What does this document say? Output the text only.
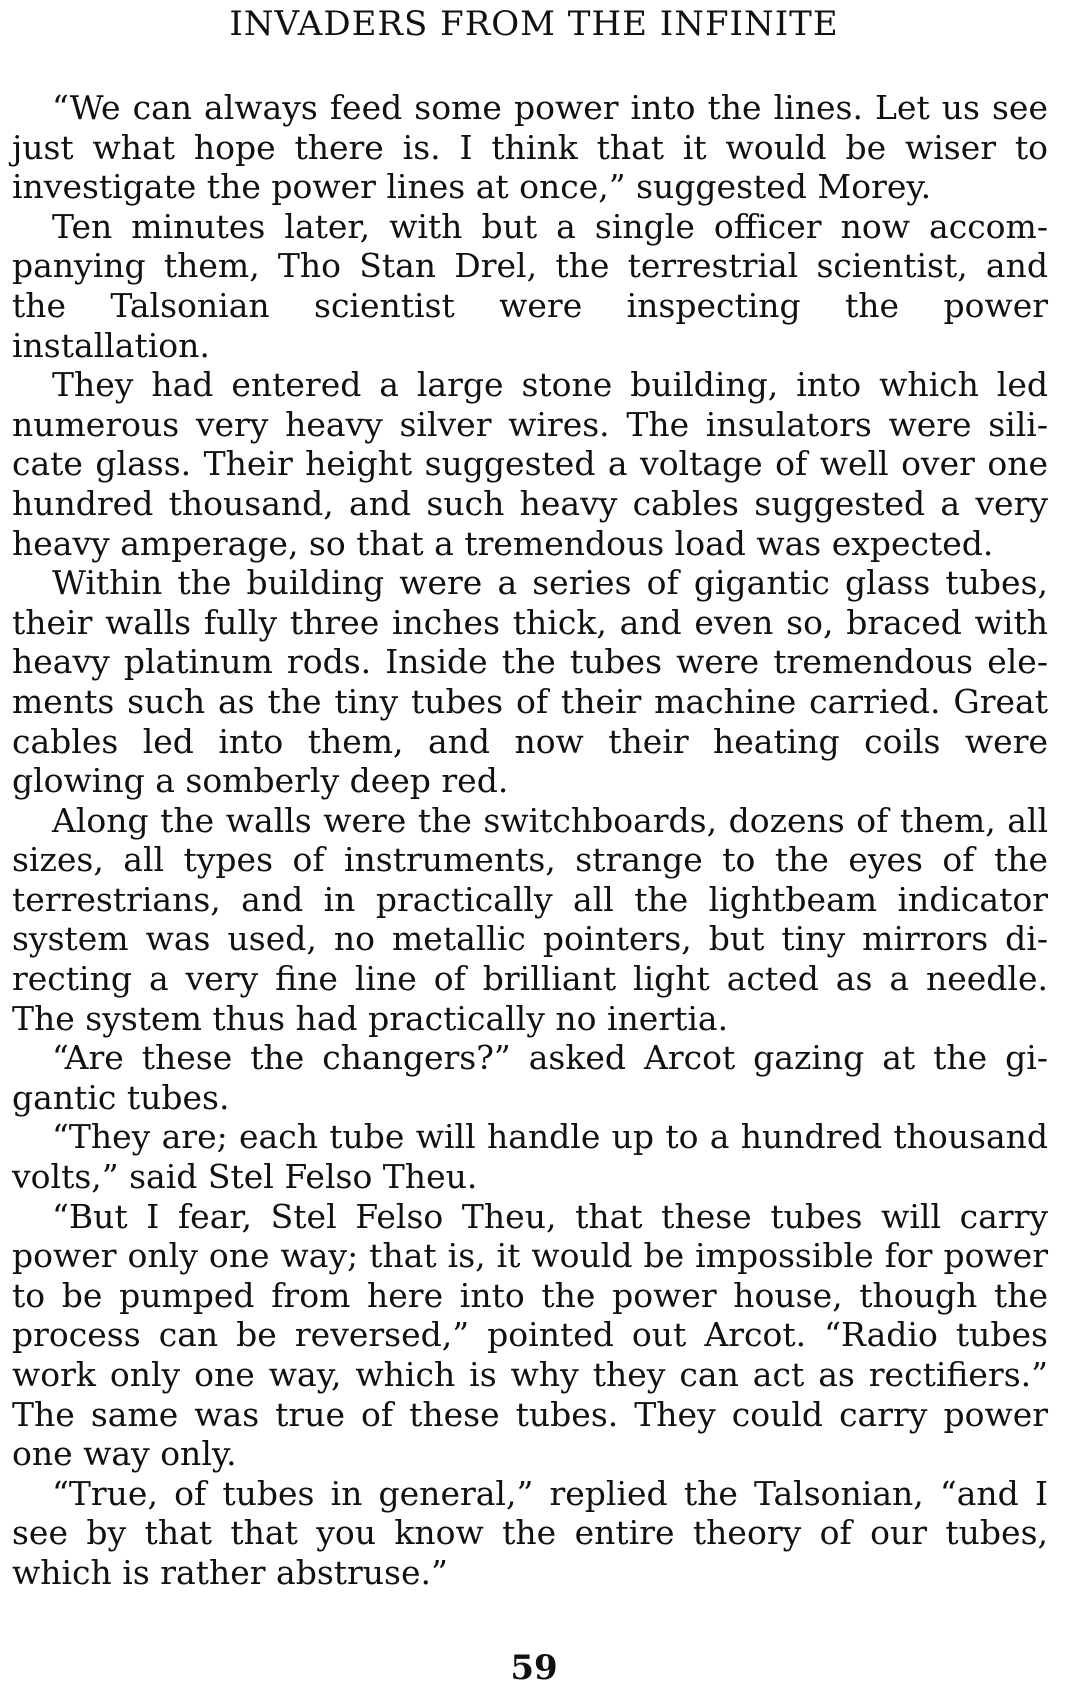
INVADERS FROM THE INFINITE

“We can always feed some power into the lines. Let us see just what hope there is. I think that it would be wiser to investigate the power lines at once,” suggested Morey.

Ten minutes later, with but a single officer now accompanying them, Tho Stan Drel, the terrestrial scientist, and the Talsonian scientist were inspecting the power installation.

They had entered a large stone building, into which led numerous very heavy silver wires. The insulators were silicate glass. Their height suggested a voltage of well over one hundred thousand, and such heavy cables suggested a very heavy amperage, so that a tremendous load was expected.

Within the building were a series of gigantic glass tubes, their walls fully three inches thick, and even so, braced with heavy platinum rods. Inside the tubes were tremendous elements such as the tiny tubes of their machine carried. Great cables led into them, and now their heating coils were glowing a somberly deep red.

Along the walls were the switchboards, dozens of them, all sizes, all types of instruments, strange to the eyes of the terrestrians, and in practically all the lightbeam indicator system was used, no metallic pointers, but tiny mirrors directing a very fine line of brilliant light acted as a needle. The system thus had practically no inertia.

“Are these the changers?” asked Arcot gazing at the gigantic tubes.

“They are; each tube will handle up to a hundred thousand volts,” said Stel Felso Theu.

“But I fear, Stel Felso Theu, that these tubes will carry power only one way; that is, it would be impossible for power to be pumped from here into the power house, though the process can be reversed,” pointed out Arcot. “Radio tubes work only one way, which is why they can act as rectifiers.” The same was true of these tubes. They could carry power one way only.

“True, of tubes in general,” replied the Talsonian, “and I see by that that you know the entire theory of our tubes, which is rather abstruse.”

59
